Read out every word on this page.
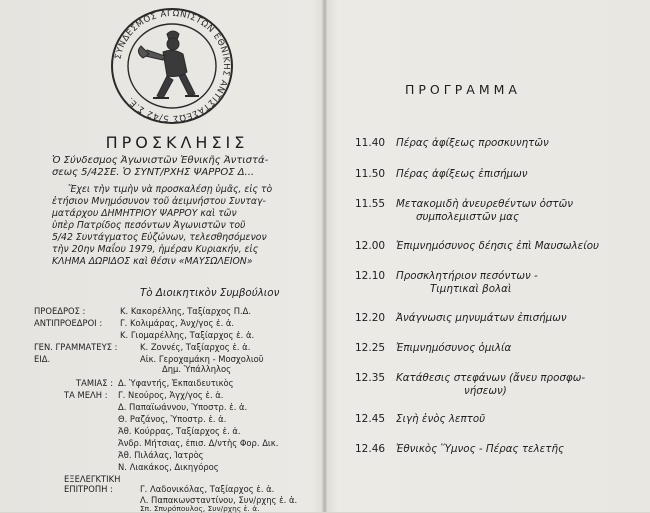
ΣΥΝΔΕΣΜΟΣ ΑΓΩΝΙΣΤΩΝ ΕΘΝΙΚΗΣ ΑΝΤΙΣΤΑΣΕΩΣ 5/42 Σ.Ε.
ΠΡΟΣΚΛΗΣΙΣ
Ὁ Σύνδεσμος Ἀγωνιστῶν Ἐθνικῆς Ἀντιστά-
σεως 5/42ΣΕ. Ὁ ΣΥΝΤ/ΡΧΗΣ ΨΑΡΡΟΣ Δ...
Ἔχει τὴν τιμὴν νὰ προσκαλέσῃ ὑμᾶς, εἰς τὸ
ἐτήσιον Μνημόσυνον τοῦ ἀειμνήστου Συνταγ-
ματάρχου ΔΗΜΗΤΡΙΟΥ ΨΑΡΡΟΥ καὶ τῶν
ὑπὲρ Πατρίδος πεσόντων Ἀγωνιστῶν τοῦ
5/42 Συντάγματος Εὐζώνων, τελεσθησόμενον
τὴν 20ην Μαΐου 1979, ἡμέραν Κυριακήν, εἰς
ΚΛΗΜΑ ΔΩΡΙΔΟΣ καὶ θέσιν «ΜΑΥΣΩΛΕΙΟΝ»
Τὸ Διοικητικὸν Συμβούλιον
ΠΡΟΕΔΡΟΣ :	Κ. Κακορέλλης, Ταξίαρχος Π.Δ.
ΑΝΤΙΠΡΟΕΔΡΟΙ : Γ. Κολιμάρας, Ἀνχ/γος ἑ. ἀ.
Κ. Γιομαρέλλης, Ταξίαρχος ἑ. ἀ.
ΓΕΝ. ΓΡΑΜΜΑΤΕΥΣ :	Κ. Ζοννές, Ταξίαρχος ἑ. ἀ.
ΕΙΔ.	Αἰκ. Γεροχαμάκη - Μοσχολιοῦ
Δημ. Ὑπάλληλος
ΤΑΜΙΑΣ : Δ. Ὑφαντής, Ἐκπαιδευτικὸς
ΤΑ ΜΕΛΗ : Γ. Νεούρος, Ἀγχ/γος ἑ. ἀ.
Δ. Παπαϊωάννου, Ὑποστρ. ἑ. ἀ.
Θ. Ραζάνος, Ὑποστρ. ἑ. ἀ.
Ἀθ. Κούρρας, Ταξίαρχος ἑ. ἀ.
Ἀνδρ. Μήτσιας, ἐπισ. Δ/ντὴς Φορ. Δικ.
Ἀθ. Πιλάλας, Ἰατρὸς
Ν. Λιακάκος, Δικηγόρος
ΕΞΕΛΕΓΚΤΙΚΗ
ΕΠΙΤΡΟΠΗ :	Γ. Λαδονικόλας, Ταξίαρχος ἑ. ἀ.
Λ. Παπακωνσταντίνου, Συν/ρχης ἑ. ἀ.
Σπ. Σπυρόπουλος, Συν/ρχης ἑ. ἀ.
ΠΡΟΓΡΑΜΜΑ
11.40 Πέρας ἀφίξεως προσκυνητῶν
11.50 Πέρας ἀφίξεως ἐπισήμων
11.55 Μετακομιδὴ ἀνευρεθέντων ὀστῶν
συμπολεμιστῶν μας
12.00 Ἐπιμνημόσυνος δέησις ἐπὶ Μαυσωλείου
12.10 Προσκλητήριον πεσόντων -
Τιμητικαὶ βολαὶ
12.20 Ἀνάγνωσις μηνυμάτων ἐπισήμων
12.25 Ἐπιμνημόσυνος ὁμιλία
12.35 Κατάθεσις στεφάνων (ἄνευ προσφω-
νήσεων)
12.45 Σιγὴ ἑνὸς λεπτοῦ
12.46 Ἐθνικὸς Ὕμνος - Πέρας τελετῆς
